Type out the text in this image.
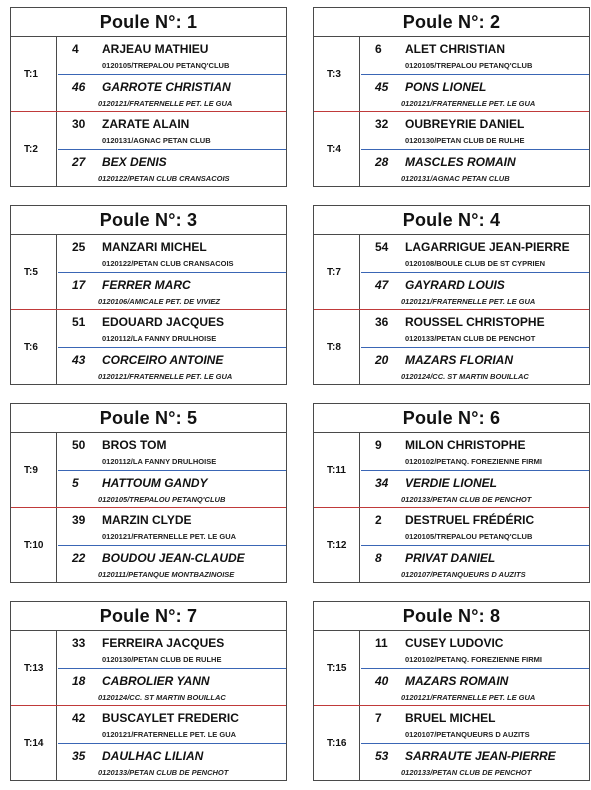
Poule N°: 1
T:1
4 ARJEAU MATHIEU
0120105/TREPALOU PETANQ'CLUB
46 GARROTE CHRISTIAN
0120121/FRATERNELLE PET. LE GUA
T:2
30 ZARATE ALAIN
0120131/AGNAC PETAN CLUB
27 BEX DENIS
0120122/PETAN CLUB CRANSACOIS
Poule N°: 2
T:3
6 ALET CHRISTIAN
0120105/TREPALOU PETANQ'CLUB
45 PONS LIONEL
0120121/FRATERNELLE PET. LE GUA
T:4
32 OUBREYRIE DANIEL
0120130/PETAN CLUB DE RULHE
28 MASCLES ROMAIN
0120131/AGNAC PETAN CLUB
Poule N°: 3
T:5
25 MANZARI MICHEL
0120122/PETAN CLUB CRANSACOIS
17 FERRER MARC
0120106/AMICALE PET. DE VIVIEZ
T:6
51 EDOUARD JACQUES
0120112/LA FANNY DRULHOISE
43 CORCEIRO ANTOINE
0120121/FRATERNELLE PET. LE GUA
Poule N°: 4
T:7
54 LAGARRIGUE JEAN-PIERRE
0120108/BOULE CLUB DE ST CYPRIEN
47 GAYRARD LOUIS
0120121/FRATERNELLE PET. LE GUA
T:8
36 ROUSSEL CHRISTOPHE
0120133/PETAN CLUB DE PENCHOT
20 MAZARS FLORIAN
0120124/CC. ST MARTIN BOUILLAC
Poule N°: 5
T:9
50 BROS TOM
0120112/LA FANNY DRULHOISE
5 HATTOUM GANDY
0120105/TREPALOU PETANQ'CLUB
T:10
39 MARZIN CLYDE
0120121/FRATERNELLE PET. LE GUA
22 BOUDOU JEAN-CLAUDE
0120111/PETANQUE MONTBAZINOISE
Poule N°: 6
T:11
9 MILON CHRISTOPHE
0120102/PETANQ. FOREZIENNE FIRMI
34 VERDIE LIONEL
0120133/PETAN CLUB DE PENCHOT
T:12
2 DESTRUEL FRÉDÉRIC
0120105/TREPALOU PETANQ'CLUB
8 PRIVAT DANIEL
0120107/PETANQUEURS D AUZITS
Poule N°: 7
T:13
33 FERREIRA JACQUES
0120130/PETAN CLUB DE RULHE
18 CABROLIER YANN
0120124/CC. ST MARTIN BOUILLAC
T:14
42 BUSCAYLET FREDERIC
0120121/FRATERNELLE PET. LE GUA
35 DAULHAC LILIAN
0120133/PETAN CLUB DE PENCHOT
Poule N°: 8
T:15
11 CUSEY LUDOVIC
0120102/PETANQ. FOREZIENNE FIRMI
40 MAZARS ROMAIN
0120121/FRATERNELLE PET. LE GUA
T:16
7 BRUEL MICHEL
0120107/PETANQUEURS D AUZITS
53 SARRAUTE JEAN-PIERRE
0120133/PETAN CLUB DE PENCHOT
